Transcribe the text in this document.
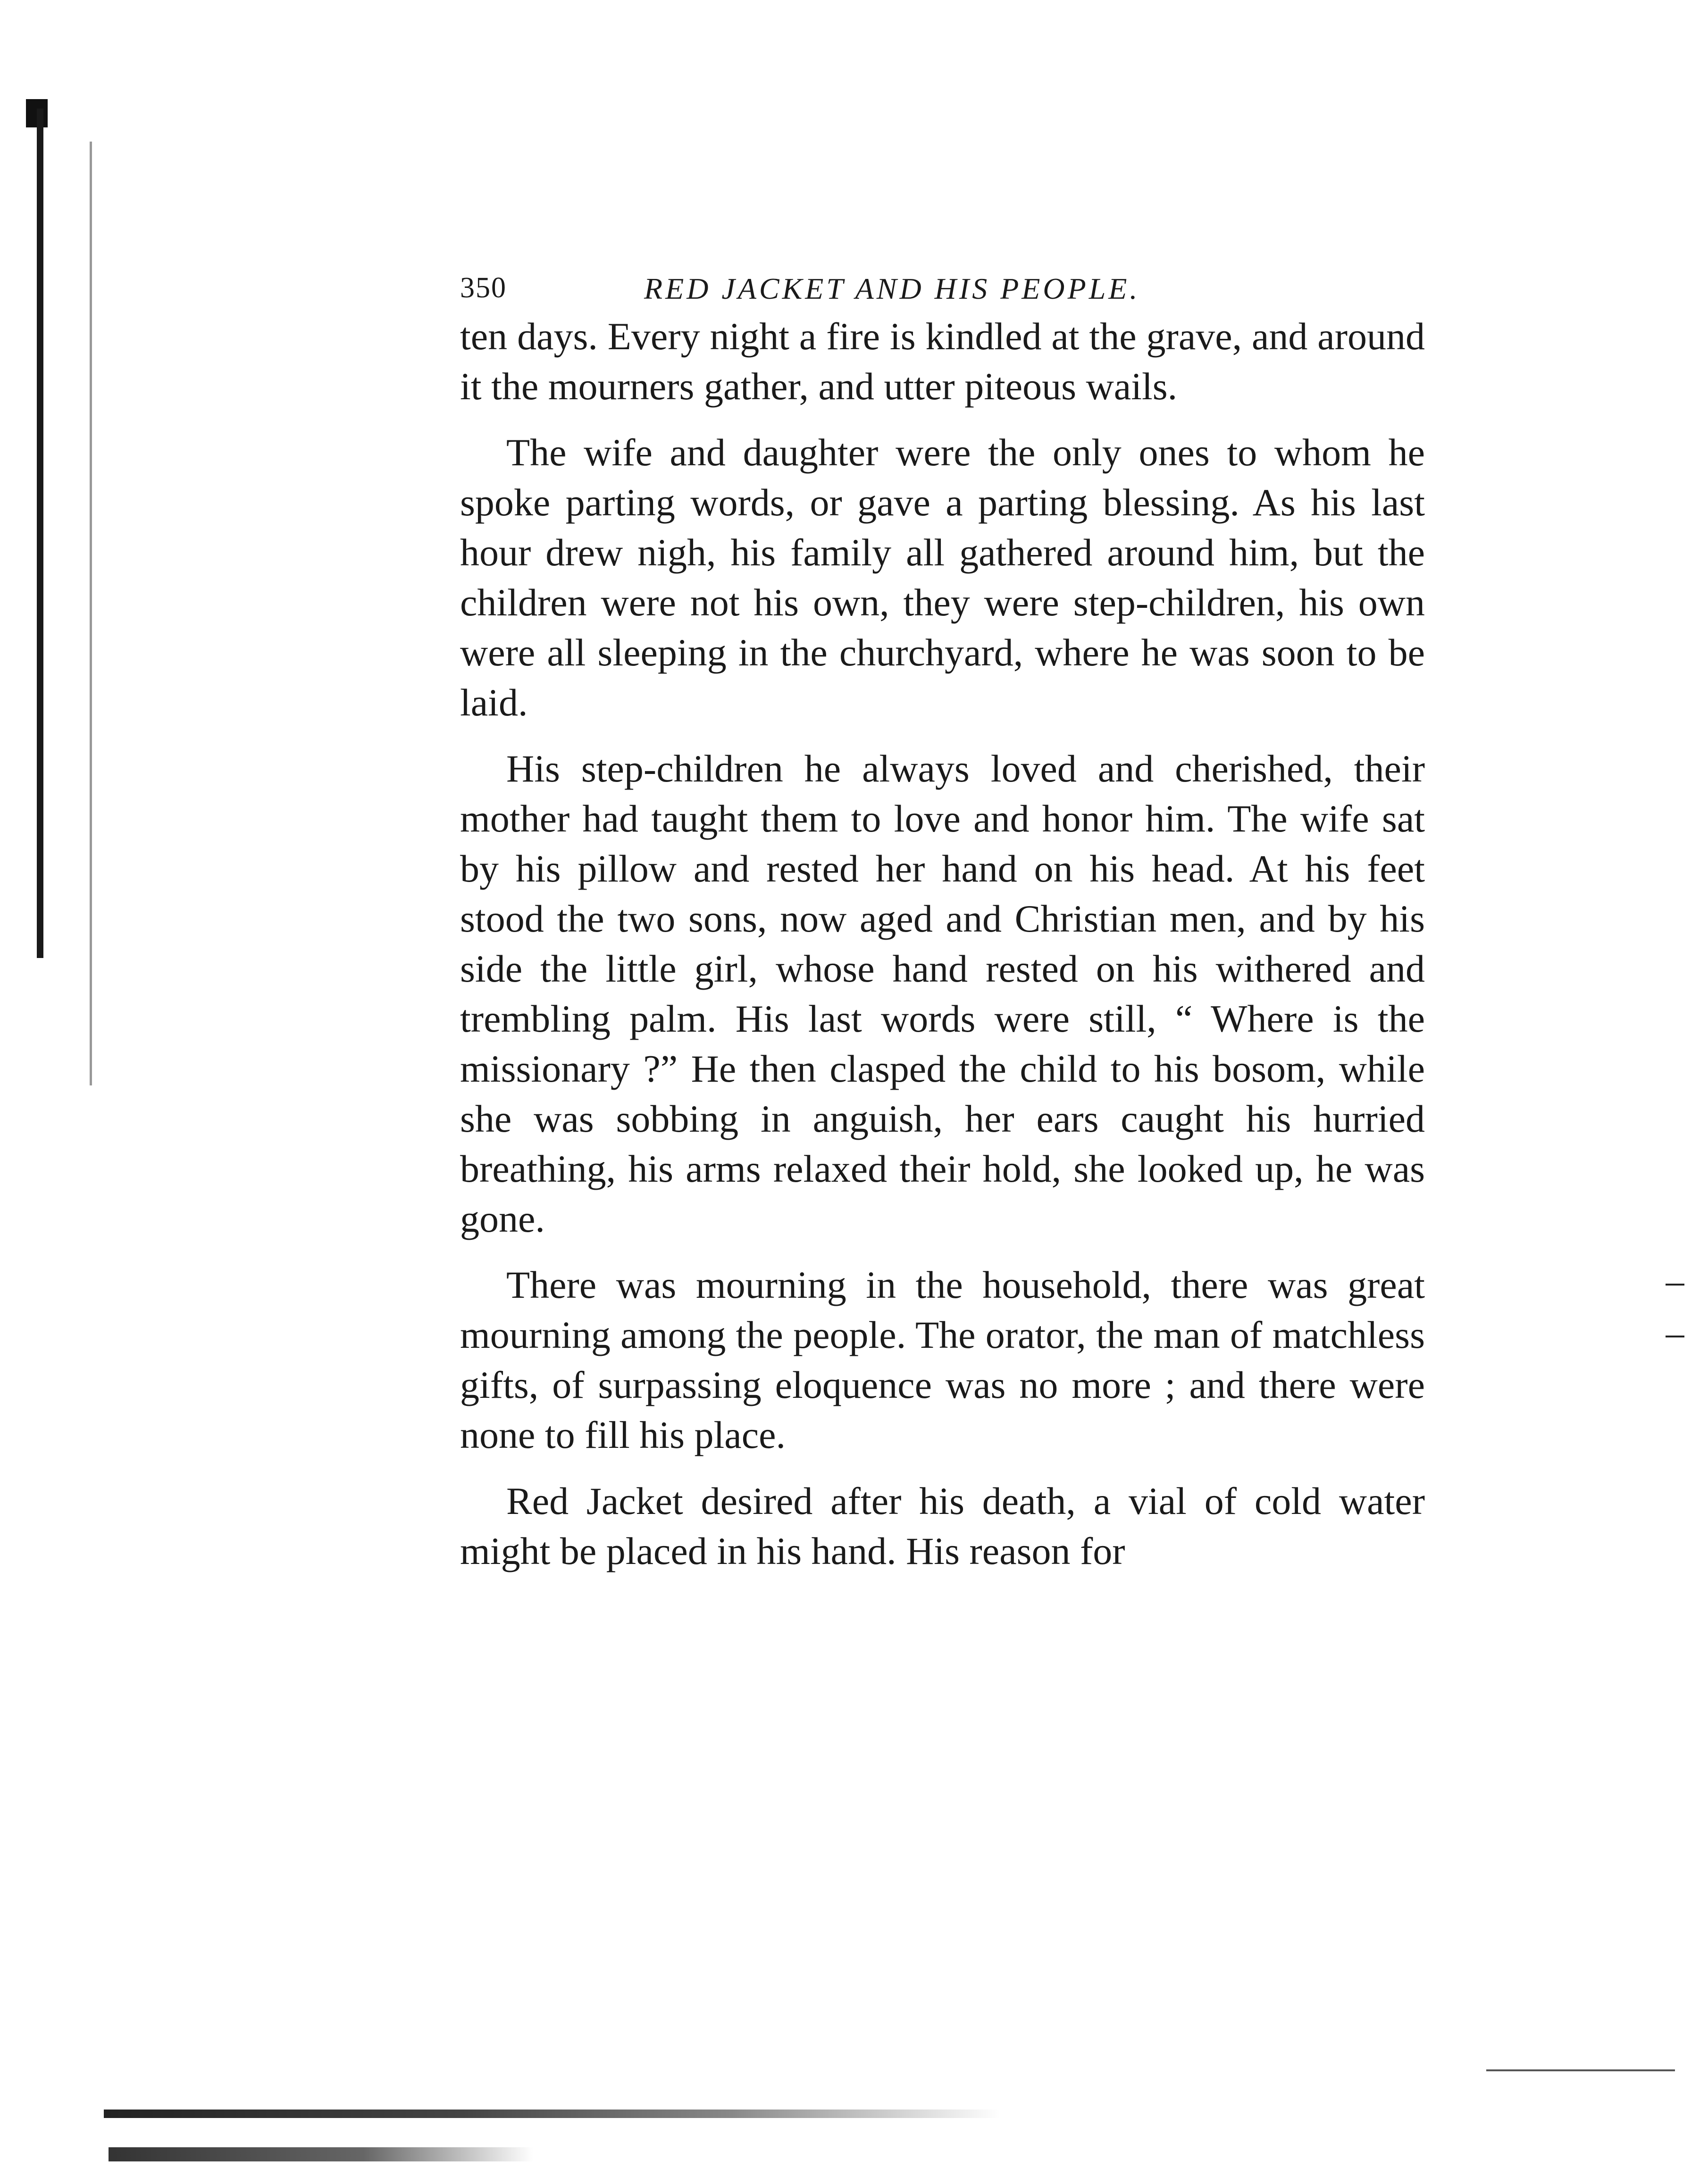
350	RED JACKET AND HIS PEOPLE.

ten days. Every night a fire is kindled at the grave, and around it the mourners gather, and utter piteous wails.

The wife and daughter were the only ones to whom he spoke parting words, or gave a parting blessing. As his last hour drew nigh, his family all gathered around him, but the children were not his own, they were step-children, his own were all sleeping in the churchyard, where he was soon to be laid.

His step-children he always loved and cherished, their mother had taught them to love and honor him. The wife sat by his pillow and rested her hand on his head. At his feet stood the two sons, now aged and Christian men, and by his side the little girl, whose hand rested on his withered and trembling palm. His last words were still, “ Where is the missionary ?” He then clasped the child to his bosom, while she was sobbing in anguish, her ears caught his hurried breathing, his arms relaxed their hold, she looked up, he was gone.

There was mourning in the household, there was great mourning among the people. The orator, the man of matchless gifts, of surpassing eloquence was no more ; and there were none to fill his place.

Red Jacket desired after his death, a vial of cold water might be placed in his hand. His reason for
